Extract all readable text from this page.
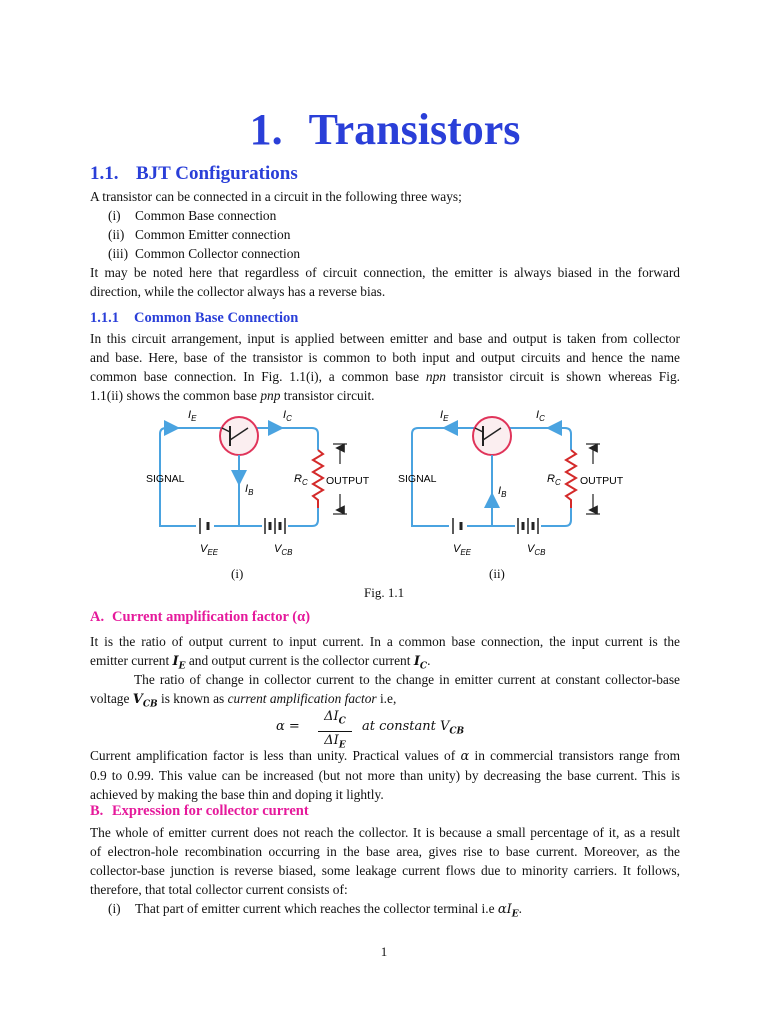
1. Transistors
1.1. BJT Configurations
A transistor can be connected in a circuit in the following three ways;
(i) Common Base connection
(ii) Common Emitter connection
(iii) Common Collector connection
It may be noted here that regardless of circuit connection, the emitter is always biased in the forward
direction, while the collector always has a reverse bias.
1.1.1 Common Base Connection
In this circuit arrangement, input is applied between emitter and base and output is taken from collector
and base. Here, base of the transistor is common to both input and output circuits and hence the name
common base connection. In Fig. 1.1(i), a common base npn transistor circuit is shown whereas Fig.
1.1(ii) shows the common base pnp transistor circuit.
$I_E$	$I_C$
$I_B$
$R_C$
$V_{EE}$	$V_{CB}$
SIGNAL	OUTPUT
$I_E$	$I_C$
$I_B$
$R_C$
$V_{EE}$	$V_{CB}$
SIGNAL	OUTPUT
(i)	(ii)
Fig. 1.1
A. Current amplification factor (α)
It is the ratio of output current to input current. In a common base connection, the input current is the
emitter current $I_E$ and output current is the collector current $I_C$.
The ratio of change in collector current to the change in emitter current at constant collector-base
voltage $V_{CB}$ is known as current amplification factor i.e,
α =
$\Delta I_C$
$\Delta I_E$
at constant $V_{CB}$
Current amplification factor is less than unity. Practical values of α in commercial transistors range from
0.9 to 0.99. This value can be increased (but not more than unity) by decreasing the base current. This is
achieved by making the base thin and doping it lightly.
B. Expression for collector current
The whole of emitter current does not reach the collector. It is because a small percentage of it, as a result
of electron-hole recombination occurring in the base area, gives rise to base current. Moreover, as the
collector-base junction is reverse biased, some leakage current flows due to minority carriers. It follows,
therefore, that total collector current consists of:
(i) That part of emitter current which reaches the collector terminal i.e $\alpha I_E$.
1
